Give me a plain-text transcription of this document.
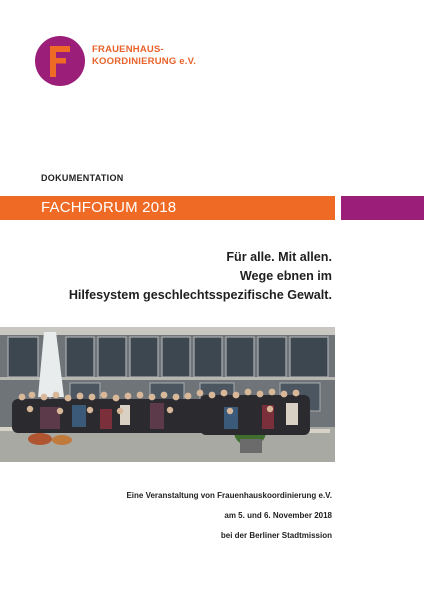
FRAUENHAUS-
KOORDINIERUNG e.V.
DOKUMENTATION
FACHFORUM 2018
Für alle. Mit allen.
Wege ebnen im
Hilfesystem geschlechtsspezifische Gewalt.
Eine Veranstaltung von Frauenhauskoordinierung e.V.
am 5. und 6. November 2018
bei der Berliner Stadtmission
